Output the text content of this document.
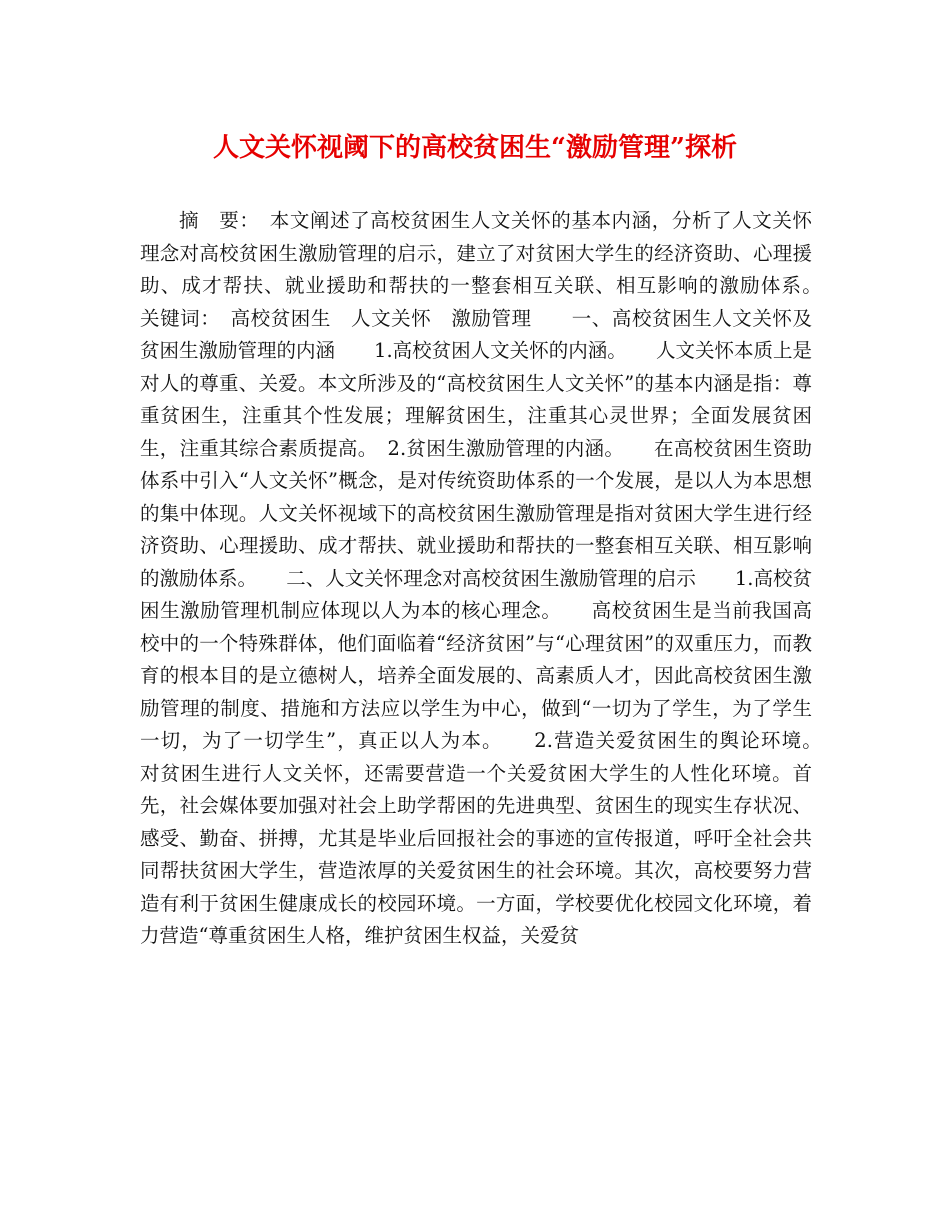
人文关怀视阈下的高校贫困生“激励管理”探析

摘　要：　本文阐述了高校贫困生人文关怀的基本内涵，分析了人文关怀理念对高校贫困生激励管理的启示，建立了对贫困大学生的经济资助、心理援助、成才帮扶、就业援助和帮扶的一整套相互关联、相互影响的激励体系。　　关键词：　高校贫困生　人文关怀　激励管理　　一、高校贫困生人文关怀及贫困生激励管理的内涵　　1.高校贫困人文关怀的内涵。　　人文关怀本质上是对人的尊重、关爱。本文所涉及的“高校贫困生人文关怀”的基本内涵是指：尊重贫困生，注重其个性发展；理解贫困生，注重其心灵世界；全面发展贫困生，注重其综合素质提高。　2.贫困生激励管理的内涵。　　在高校贫困生资助体系中引入“人文关怀”概念，是对传统资助体系的一个发展，是以人为本思想的集中体现。人文关怀视域下的高校贫困生激励管理是指对贫困大学生进行经济资助、心理援助、成才帮扶、就业援助和帮扶的一整套相互关联、相互影响的激励体系。　　二、人文关怀理念对高校贫困生激励管理的启示　　1.高校贫困生激励管理机制应体现以人为本的核心理念。　　高校贫困生是当前我国高校中的一个特殊群体，他们面临着“经济贫困”与“心理贫困”的双重压力，而教育的根本目的是立德树人，培养全面发展的、高素质人才，因此高校贫困生激励管理的制度、措施和方法应以学生为中心，做到“一切为了学生，为了学生一切，为了一切学生”，真正以人为本。　　2.营造关爱贫困生的舆论环境。　　对贫困生进行人文关怀，还需要营造一个关爱贫困大学生的人性化环境。首先，社会媒体要加强对社会上助学帮困的先进典型、贫困生的现实生存状况、感受、勤奋、拼搏，尤其是毕业后回报社会的事迹的宣传报道，呼吁全社会共同帮扶贫困大学生，营造浓厚的关爱贫困生的社会环境。其次，高校要努力营造有利于贫困生健康成长的校园环境。一方面，学校要优化校园文化环境，着力营造“尊重贫困生人格，维护贫困生权益，关爱贫
